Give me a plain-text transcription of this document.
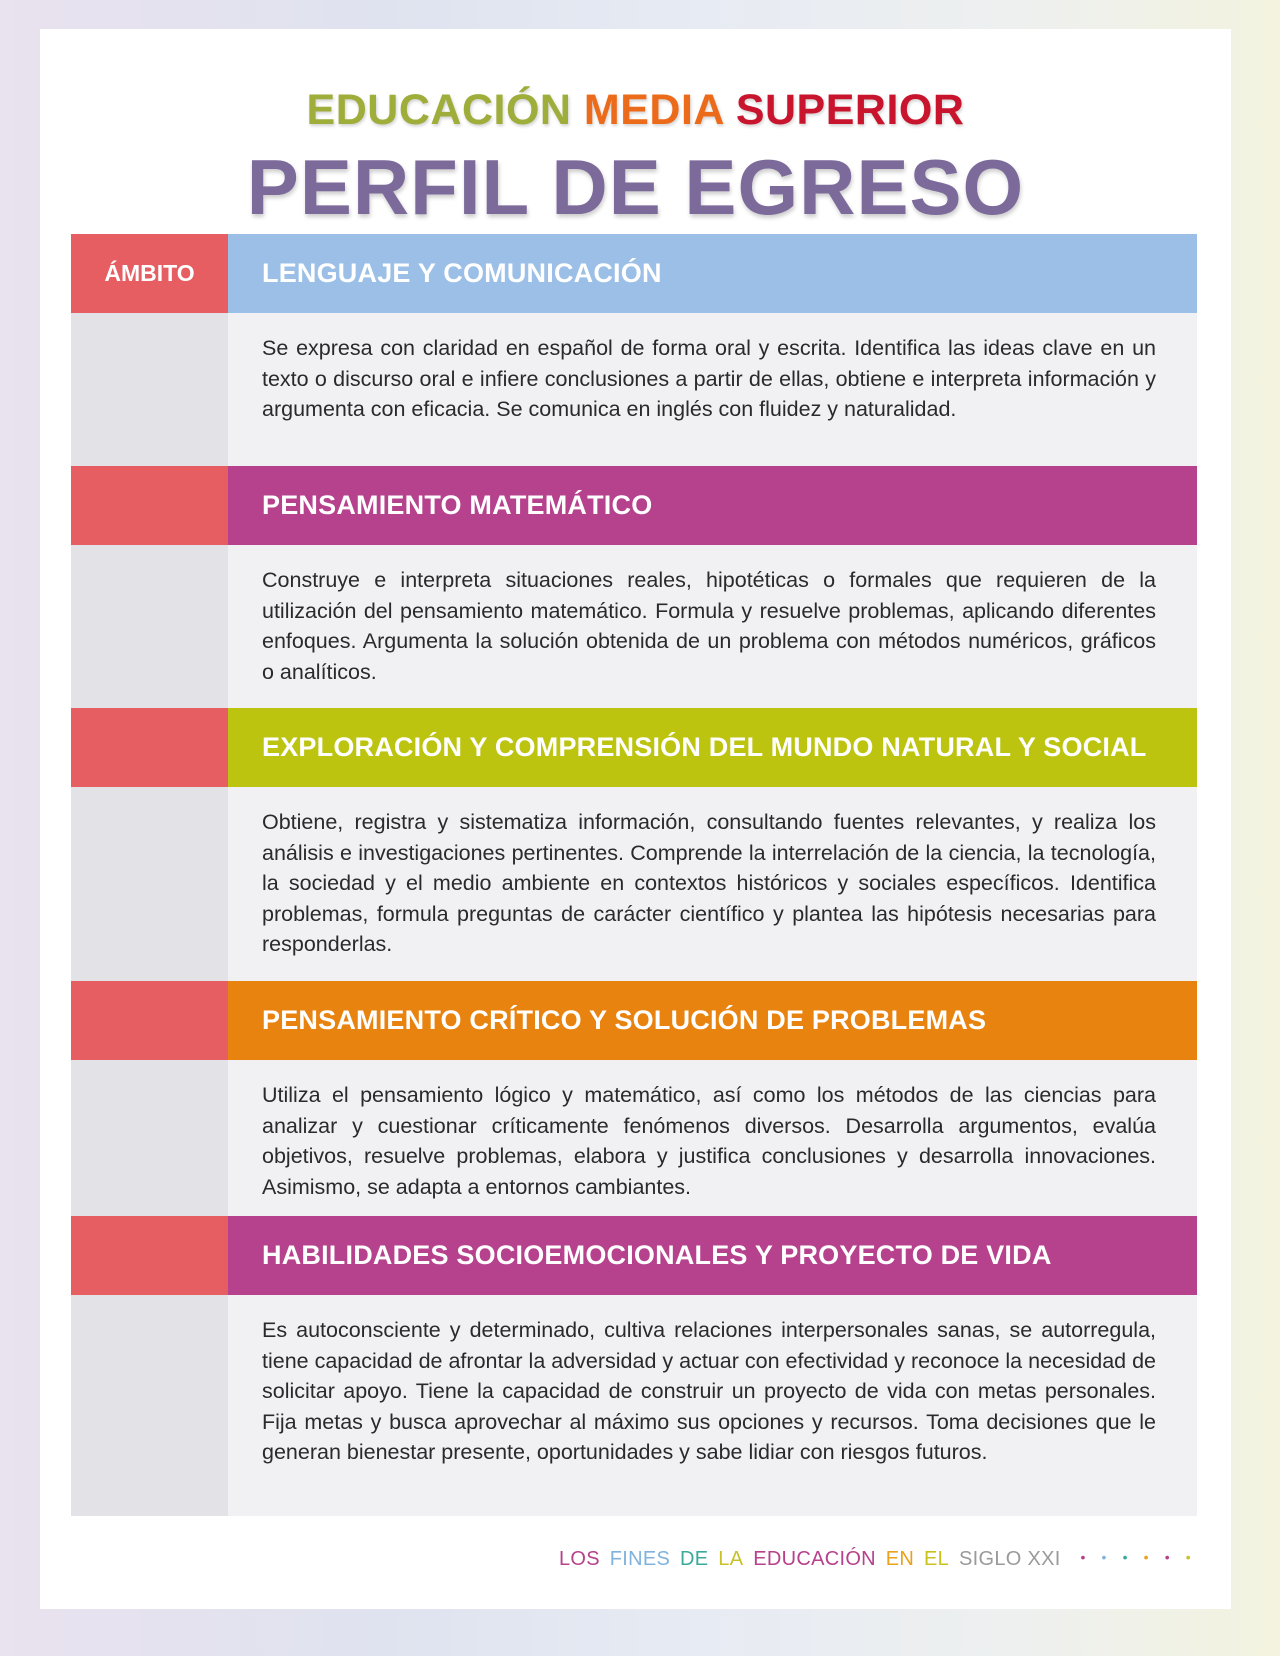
EDUCACIÓN MEDIA SUPERIOR
PERFIL DE EGRESO
ÁMBITO	LENGUAJE Y COMUNICACIÓN
Se expresa con claridad en español de forma oral y escrita. Identifica las ideas clave en un texto o discurso oral e infiere conclusiones a partir de ellas, obtiene e interpreta información y argumenta con eficacia. Se comunica en inglés con fluidez y naturalidad.
PENSAMIENTO MATEMÁTICO
Construye e interpreta situaciones reales, hipotéticas o formales que requieren de la utilización del pensamiento matemático. Formula y resuelve problemas, aplicando diferentes enfoques. Argumenta la solución obtenida de un problema con métodos numéricos, gráficos o analíticos.
EXPLORACIÓN Y COMPRENSIÓN DEL MUNDO NATURAL Y SOCIAL
Obtiene, registra y sistematiza información, consultando fuentes relevantes, y realiza los análisis e investigaciones pertinentes. Comprende la interrelación de la ciencia, la tecnología, la sociedad y el medio ambiente en contextos históricos y sociales específicos. Identifica problemas, formula preguntas de carácter científico y plantea las hipótesis necesarias para responderlas.
PENSAMIENTO CRÍTICO Y SOLUCIÓN DE PROBLEMAS
Utiliza el pensamiento lógico y matemático, así como los métodos de las ciencias para analizar y cuestionar críticamente fenómenos diversos. Desarrolla argumentos, evalúa objetivos, resuelve problemas, elabora y justifica conclusiones y desarrolla innovaciones. Asimismo, se adapta a entornos cambiantes.
HABILIDADES SOCIOEMOCIONALES Y PROYECTO DE VIDA
Es autoconsciente y determinado, cultiva relaciones interpersonales sanas, se autorregula, tiene capacidad de afrontar la adversidad y actuar con efectividad y reconoce la necesidad de solicitar apoyo. Tiene la capacidad de construir un proyecto de vida con metas personales. Fija metas y busca aprovechar al máximo sus opciones y recursos. Toma decisiones que le generan bienestar presente, oportunidades y sabe lidiar con riesgos futuros.
LOS FINES DE LA EDUCACIÓN EN EL SIGLO XXI • • • • • •
